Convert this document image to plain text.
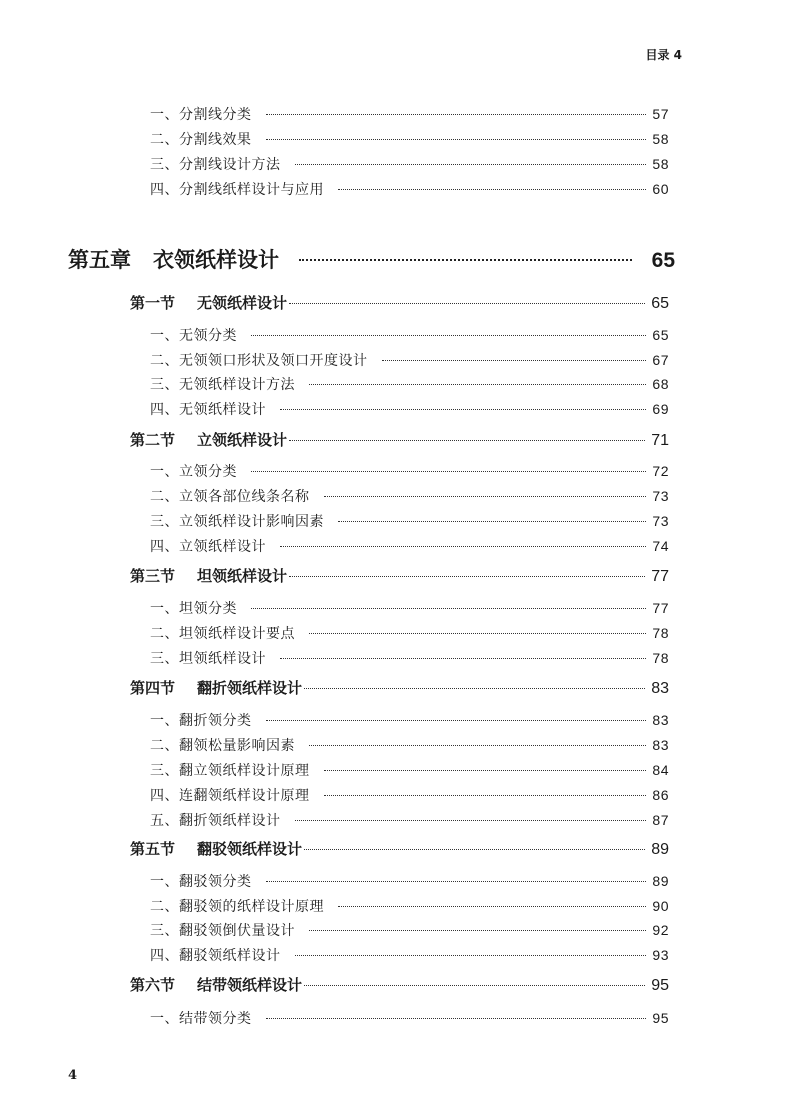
目录 4
一、分割线分类	57
二、分割线效果	58
三、分割线设计方法	58
四、分割线纸样设计与应用	60
第五章 衣领纸样设计	65
第一节 无领纸样设计	65
一、无领分类	65
二、无领领口形状及领口开度设计	67
三、无领纸样设计方法	68
四、无领纸样设计	69
第二节 立领纸样设计	71
一、立领分类	72
二、立领各部位线条名称	73
三、立领纸样设计影响因素	73
四、立领纸样设计	74
第三节 坦领纸样设计	77
一、坦领分类	77
二、坦领纸样设计要点	78
三、坦领纸样设计	78
第四节 翻折领纸样设计	83
一、翻折领分类	83
二、翻领松量影响因素	83
三、翻立领纸样设计原理	84
四、连翻领纸样设计原理	86
五、翻折领纸样设计	87
第五节 翻驳领纸样设计	89
一、翻驳领分类	89
二、翻驳领的纸样设计原理	90
三、翻驳领倒伏量设计	92
四、翻驳领纸样设计	93
第六节 结带领纸样设计	95
一、结带领分类	95
4
